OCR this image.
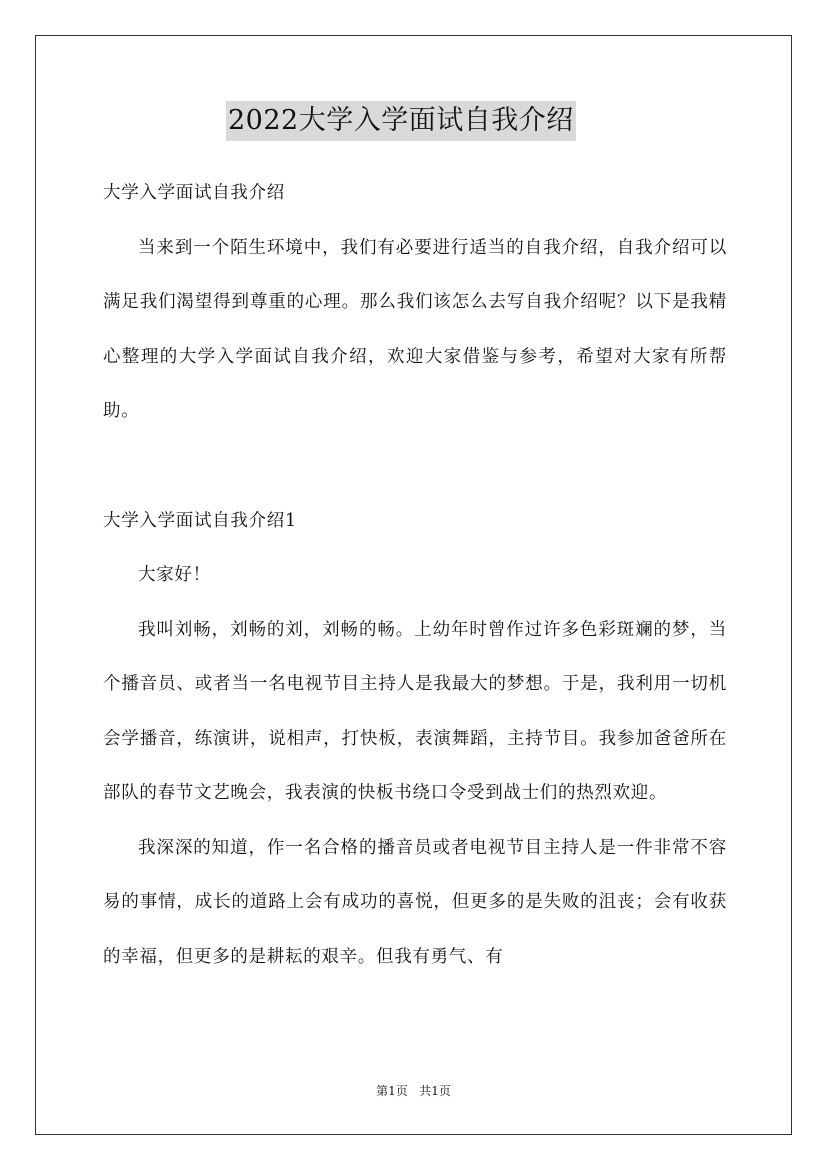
2022大学入学面试自我介绍

大学入学面试自我介绍

当来到一个陌生环境中，我们有必要进行适当的自我介绍，自我介绍可以满足我们渴望得到尊重的心理。那么我们该怎么去写自我介绍呢？以下是我精心整理的大学入学面试自我介绍，欢迎大家借鉴与参考，希望对大家有所帮助。

大学入学面试自我介绍1

大家好！

我叫刘畅，刘畅的刘，刘畅的畅。上幼年时曾作过许多色彩斑斓的梦，当个播音员、或者当一名电视节目主持人是我最大的梦想。于是，我利用一切机会学播音，练演讲，说相声，打快板，表演舞蹈，主持节目。我参加爸爸所在部队的春节文艺晚会，我表演的快板书绕口令受到战士们的热烈欢迎。

我深深的知道，作一名合格的播音员或者电视节目主持人是一件非常不容易的事情，成长的道路上会有成功的喜悦，但更多的是失败的沮丧；会有收获的幸福，但更多的是耕耘的艰辛。但我有勇气、有

第1页   共1页
